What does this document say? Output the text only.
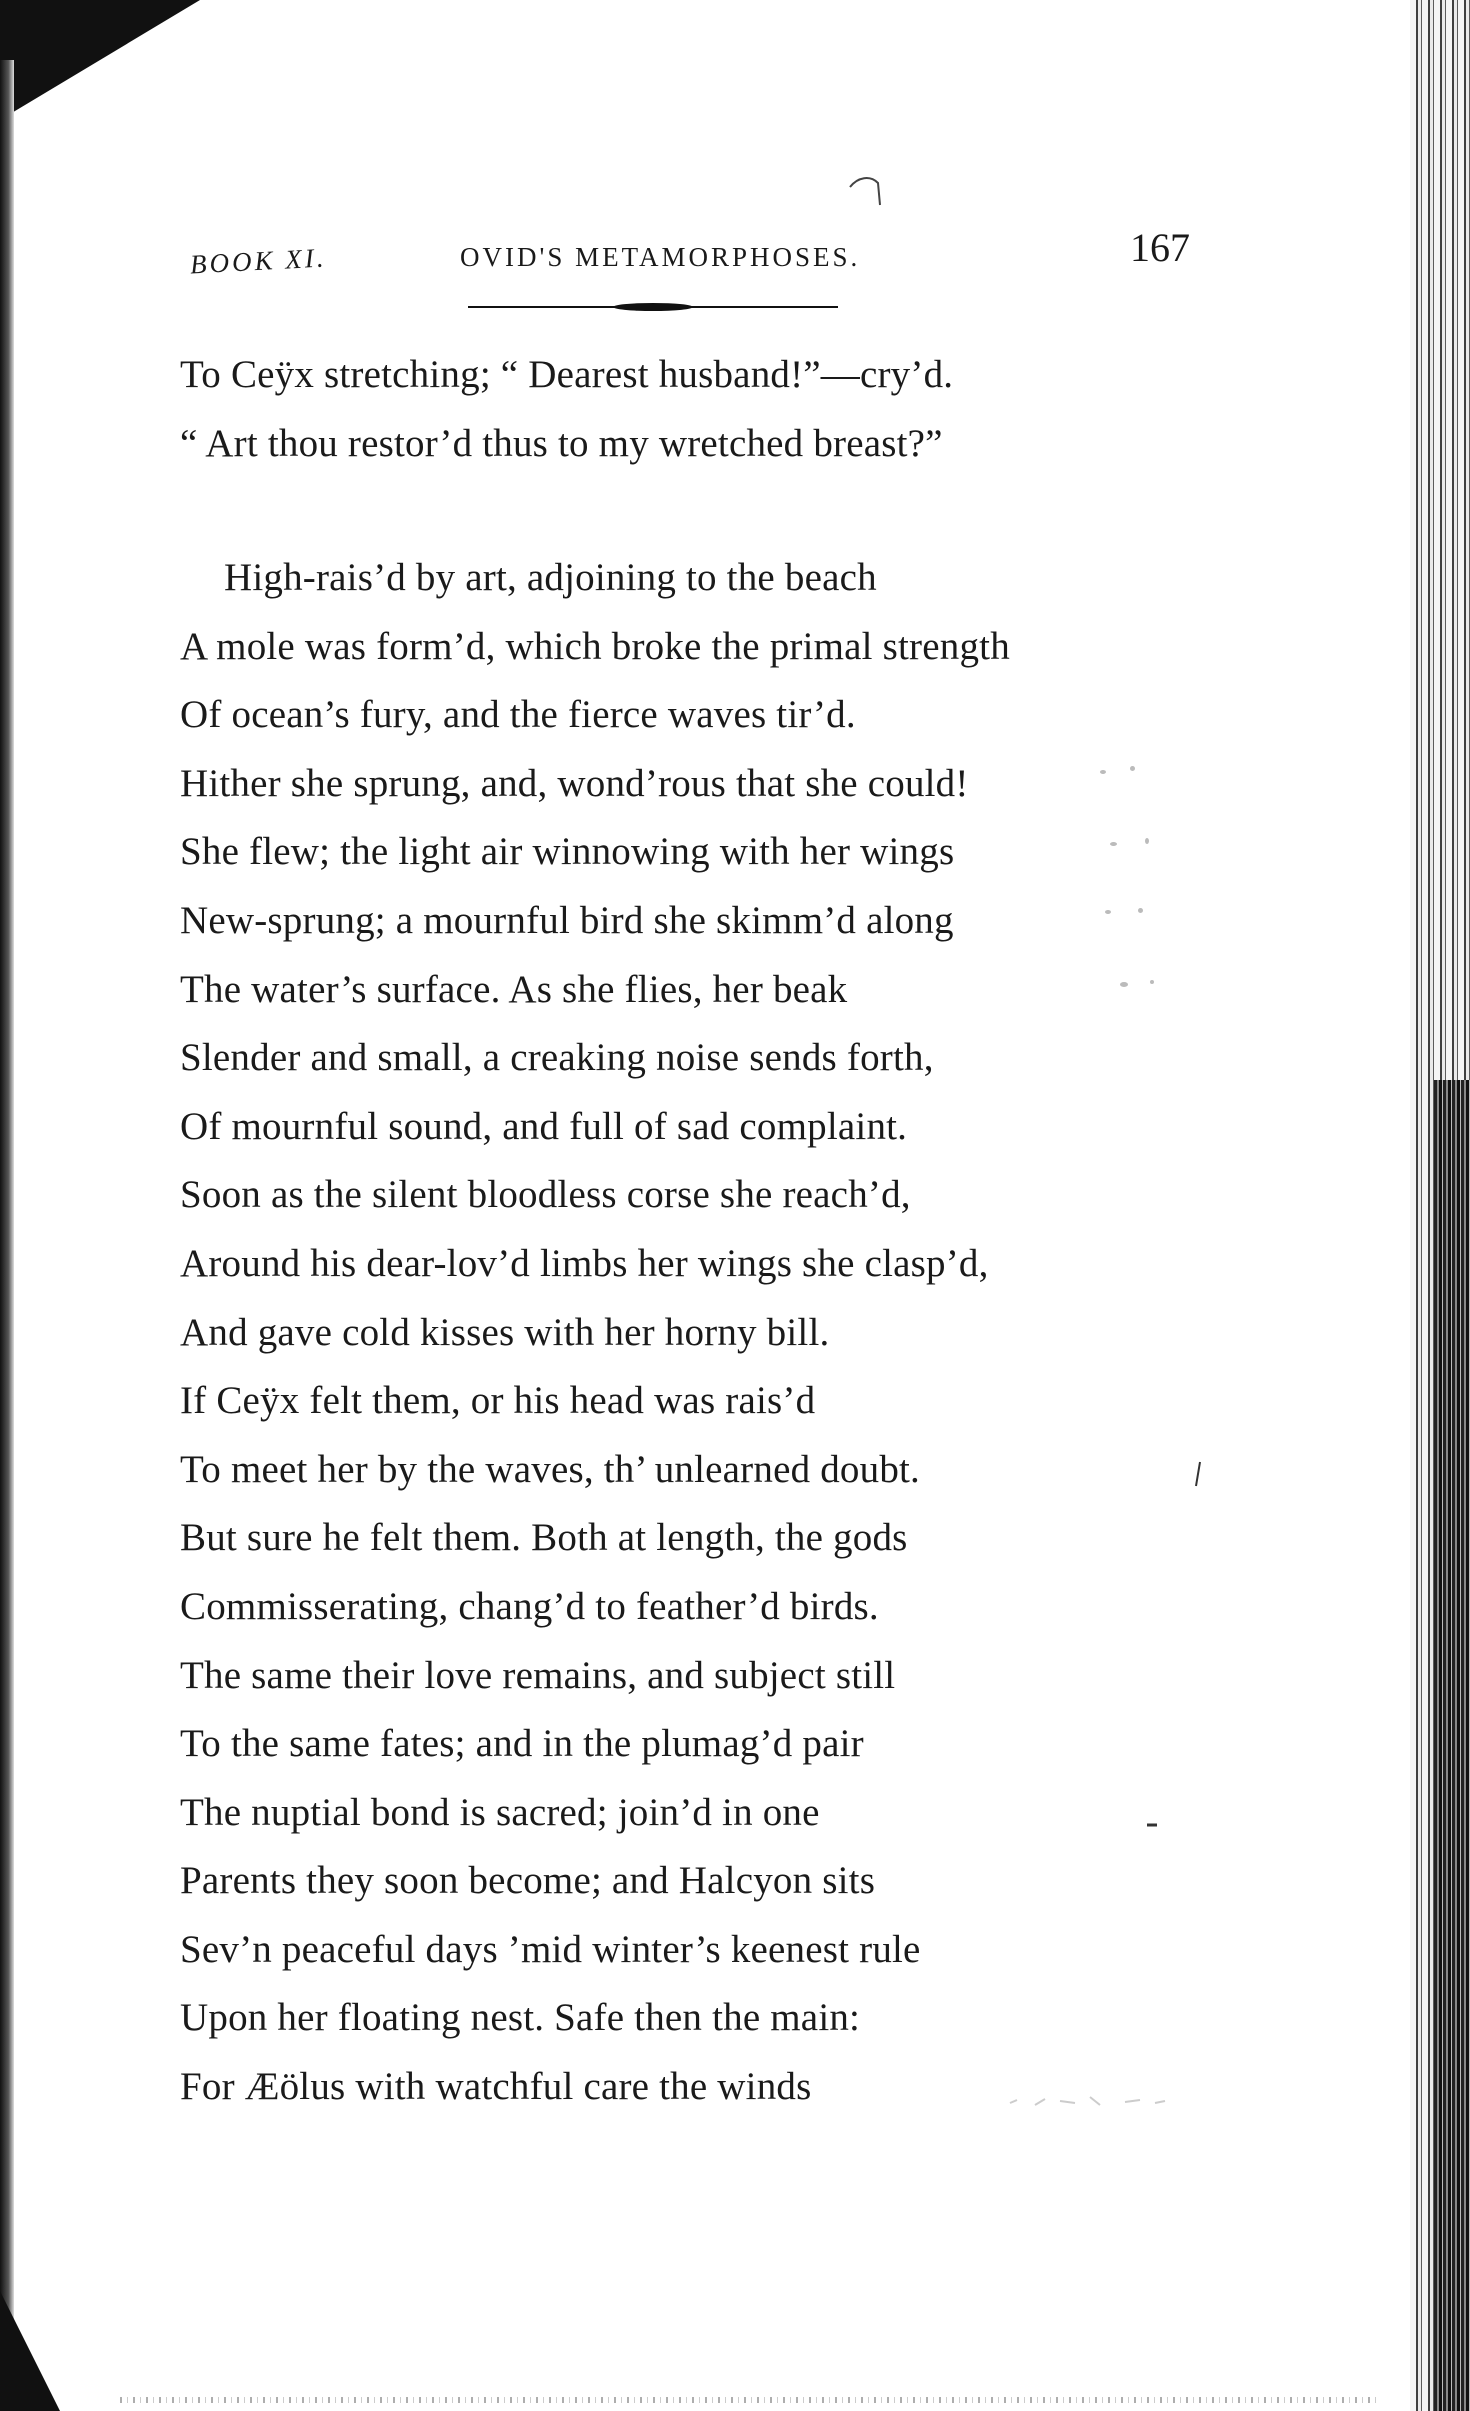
BOOK XI.	OVID'S METAMORPHOSES.	167
To Ceÿx stretching; “ Dearest husband!”—cry’d.
“ Art thou restor’d thus to my wretched breast?”
High-rais’d by art, adjoining to the beach
A mole was form’d, which broke the primal strength
Of ocean’s fury, and the fierce waves tir’d.
Hither she sprung, and, wond’rous that she could!
She flew; the light air winnowing with her wings
New-sprung; a mournful bird she skimm’d along
The water’s surface. As she flies, her beak
Slender and small, a creaking noise sends forth,
Of mournful sound, and full of sad complaint.
Soon as the silent bloodless corse she reach’d,
Around his dear-lov’d limbs her wings she clasp’d,
And gave cold kisses with her horny bill.
If Ceÿx felt them, or his head was rais’d
To meet her by the waves, th’ unlearned doubt.
But sure he felt them. Both at length, the gods
Commisserating, chang’d to feather’d birds.
The same their love remains, and subject still
To the same fates; and in the plumag’d pair
The nuptial bond is sacred; join’d in one
Parents they soon become; and Halcyon sits
Sev’n peaceful days ’mid winter’s keenest rule
Upon her floating nest. Safe then the main:
For Æölus with watchful care the winds
